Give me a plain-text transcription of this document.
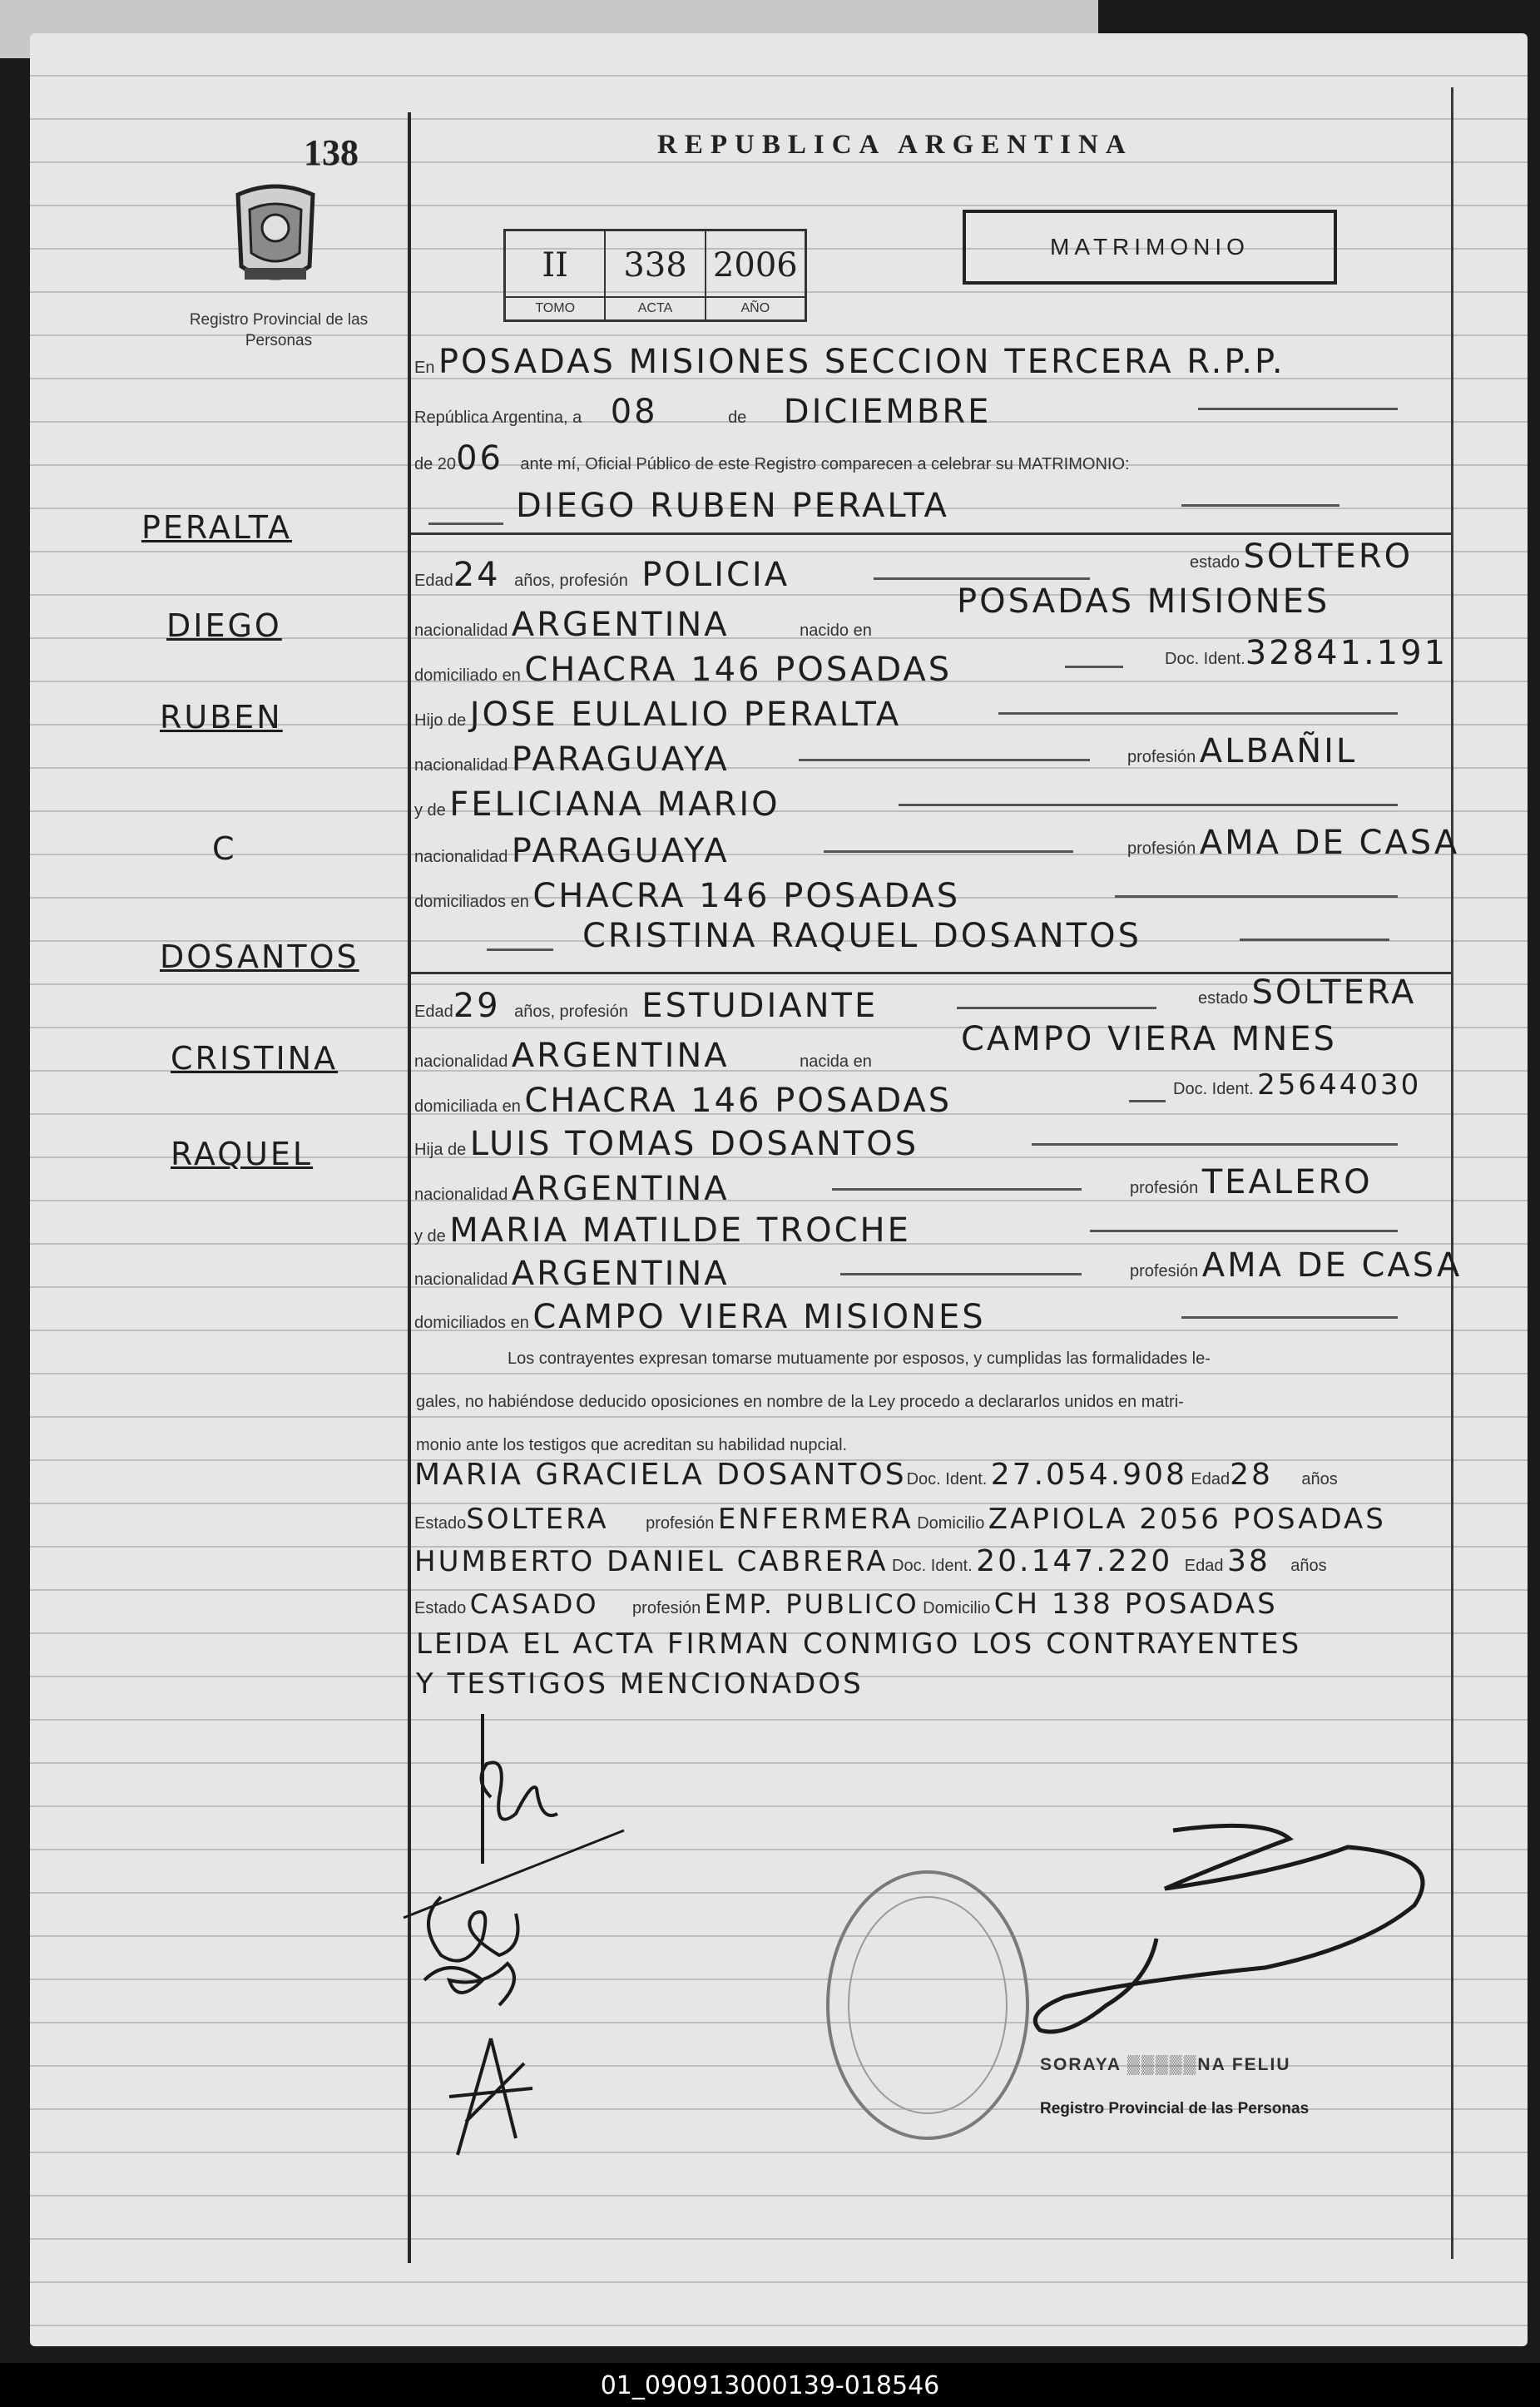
138
Registro Provincial de las Personas
REPUBLICA ARGENTINA
II
TOMO
338
ACTA
2006
AÑO
MATRIMONIO
PERALTA
DIEGO
RUBEN
C
DOSANTOS
CRISTINA
RAQUEL
En POSADAS MISIONES SECCION TERCERA R.P.P.
República Argentina, a 08	de DICIEMBRE
de 2006 ante mí, Oficial Público de este Registro comparecen a celebrar su MATRIMONIO:
DIEGO RUBEN PERALTA
Edad24 años, profesión POLICIA	estado SOLTERO
nacionalidad ARGENTINA	nacido en
POSADAS MISIONES
domiciliado en CHACRA 146 POSADAS	Doc. Ident.32841.191
Hijo de JOSE EULALIO PERALTA
nacionalidad PARAGUAYA	profesión ALBAÑIL
y de FELICIANA MARIO
nacionalidad PARAGUAYA	profesión AMA DE CASA
domiciliados en CHACRA 146 POSADAS
CRISTINA RAQUEL DOSANTOS
Edad29 años, profesión ESTUDIANTE	estado SOLTERA
nacionalidad ARGENTINA	nacida en
CAMPO VIERA MNES
domiciliada en CHACRA 146 POSADAS	Doc. Ident. 25644030
Hija de LUIS TOMAS DOSANTOS
nacionalidad ARGENTINA	profesión TEALERO
y de MARIA MATILDE TROCHE
nacionalidad ARGENTINA	profesión AMA DE CASA
domiciliados en CAMPO VIERA MISIONES
Los contrayentes expresan tomarse mutuamente por esposos, y cumplidas las formalidades le-
gales, no habiéndose deducido oposiciones en nombre de la Ley procedo a declararlos unidos en matri-
monio ante los testigos que acreditan su habilidad nupcial.
MARIA GRACIELA DOSANTOSDoc. Ident. 27.054.908 Edad28 años
EstadoSOLTERA profesión ENFERMERA Domicilio ZAPIOLA 2056 POSADAS
HUMBERTO DANIEL CABRERA Doc. Ident. 20.147.220 Edad 38 años
Estado CASADO profesión EMP. PUBLICO Domicilio CH 138 POSADAS
LEIDA EL ACTA FIRMAN CONMIGO LOS CONTRAYENTES
Y TESTIGOS MENCIONADOS
SORAYA ▒▒▒▒▒NA FELIU
Registro Provincial de las Personas
01_090913000139-018546
